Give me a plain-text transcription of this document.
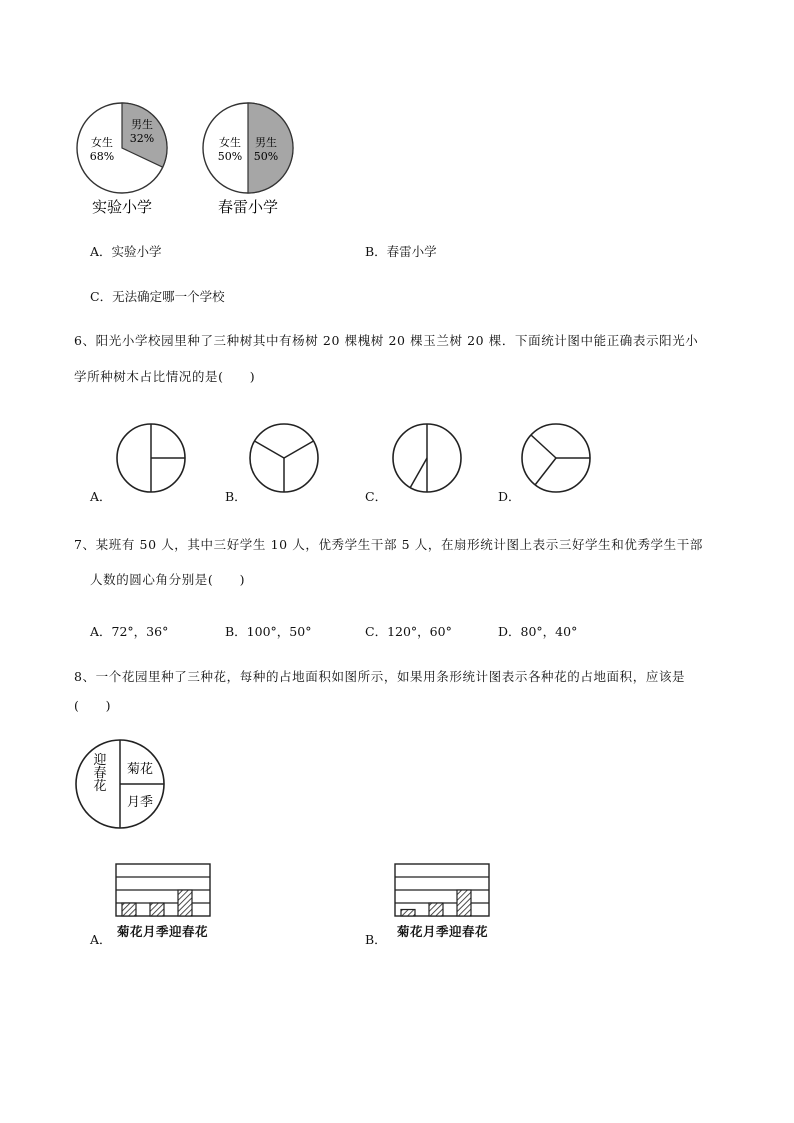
男生
32%
女生
68%
实验小学
男生
50%
女生
50%
春雷小学
A．实验小学	B．春雷小学
C．无法确定哪一个学校
6、阳光小学校园里种了三种树其中有杨树 20 棵槐树 20 棵玉兰树 20 棵．下面统计图中能正确表示阳光小
学所种树木占比情况的是(　　)
A．	B．	C．	D．
7、某班有 50 人，其中三好学生 10 人，优秀学生干部 5 人，在扇形统计图上表示三好学生和优秀学生干部
人数的圆心角分别是(　　)
A．72°，36°	B．100°，50°	C．120°，60°	D．80°，40°
8、一个花园里种了三种花，每种的占地面积如图所示，如果用条形统计图表示各种花的占地面积，应该是
(　　)
迎春花 菊花
月季
A．
菊花月季迎春花
B．
菊花月季迎春花
